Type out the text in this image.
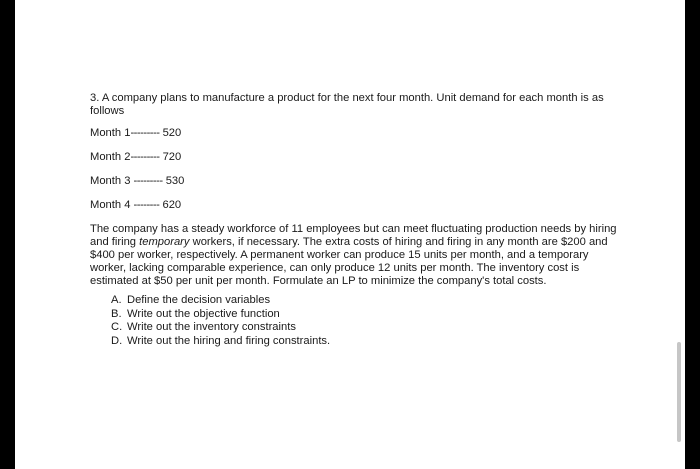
3. A company plans to manufacture a product for the next four month. Unit demand for each month is as follows

Month 1--------- 520
Month 2--------- 720
Month 3 --------- 530
Month 4 -------- 620

The company has a steady workforce of 11 employees but can meet fluctuating production needs by hiring and firing temporary workers, if necessary. The extra costs of hiring and firing in any month are $200 and $400 per worker, respectively. A permanent worker can produce 15 units per month, and a temporary worker, lacking comparable experience, can only produce 12 units per month. The inventory cost is estimated at $50 per unit per month. Formulate an LP to minimize the company's total costs.

A. Define the decision variables
B. Write out the objective function
C. Write out the inventory constraints
D. Write out the hiring and firing constraints.
